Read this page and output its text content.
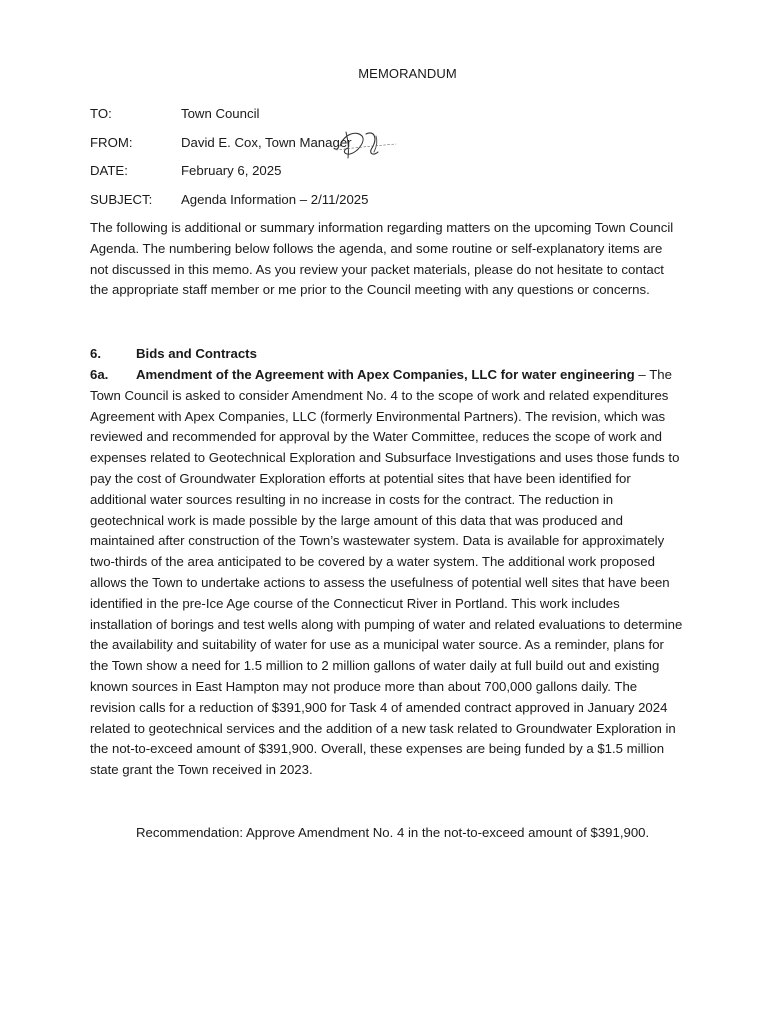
MEMORANDUM
TO:	Town Council
FROM:	David E. Cox, Town Manager
DATE:	February 6, 2025
SUBJECT: Agenda Information – 2/11/2025

The following is additional or summary information regarding matters on the upcoming Town Council Agenda. The numbering below follows the agenda, and some routine or self-explanatory items are not discussed in this memo. As you review your packet materials, please do not hesitate to contact the appropriate staff member or me prior to the Council meeting with any questions or concerns.

6.	Bids and Contracts

6a. Amendment of the Agreement with Apex Companies, LLC for water engineering – The Town Council is asked to consider Amendment No. 4 to the scope of work and related expenditures Agreement with Apex Companies, LLC (formerly Environmental Partners). The revision, which was reviewed and recommended for approval by the Water Committee, reduces the scope of work and expenses related to Geotechnical Exploration and Subsurface Investigations and uses those funds to pay the cost of Groundwater Exploration efforts at potential sites that have been identified for additional water sources resulting in no increase in costs for the contract. The reduction in geotechnical work is made possible by the large amount of this data that was produced and maintained after construction of the Town’s wastewater system. Data is available for approximately two-thirds of the area anticipated to be covered by a water system. The additional work proposed allows the Town to undertake actions to assess the usefulness of potential well sites that have been identified in the pre-Ice Age course of the Connecticut River in Portland. This work includes installation of borings and test wells along with pumping of water and related evaluations to determine the availability and suitability of water for use as a municipal water source. As a reminder, plans for the Town show a need for 1.5 million to 2 million gallons of water daily at full build out and existing known sources in East Hampton may not produce more than about 700,000 gallons daily. The revision calls for a reduction of $391,900 for Task 4 of amended contract approved in January 2024 related to geotechnical services and the addition of a new task related to Groundwater Exploration in the not-to-exceed amount of $391,900. Overall, these expenses are being funded by a $1.5 million state grant the Town received in 2023.

Recommendation: Approve Amendment No. 4 in the not-to-exceed amount of $391,900.
